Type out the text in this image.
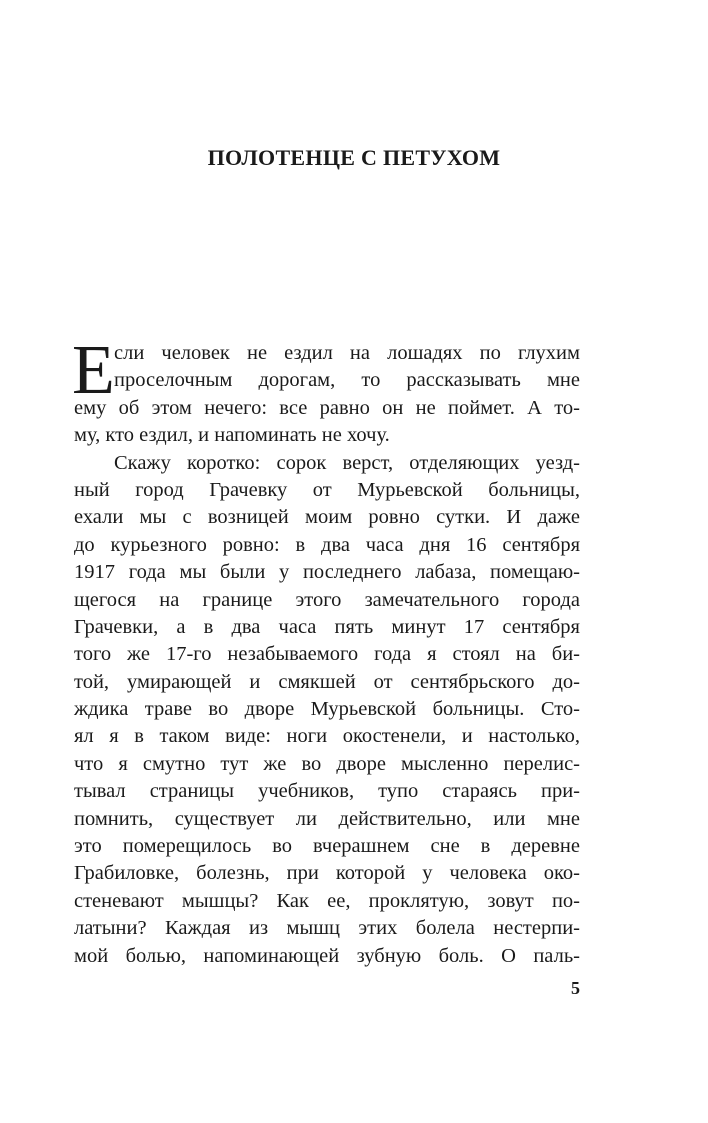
ПОЛОТЕНЦЕ С ПЕТУХОМ
Е сли человек не ездил на лошадях по глухим
проселочным дорогам, то рассказывать мне
ему об этом нечего: все равно он не поймет. А то-
му, кто ездил, и напоминать не хочу.
Скажу коротко: сорок верст, отделяющих уезд-
ный город Грачевку от Мурьевской больницы,
ехали мы с возницей моим ровно сутки. И даже
до курьезного ровно: в два часа дня 16 сентября
1917 года мы были у последнего лабаза, помещаю-
щегося на границе этого замечательного города
Грачевки, а в два часа пять минут 17 сентября
того же 17-го незабываемого года я стоял на би-
той, умирающей и смякшей от сентябрьского до-
ждика траве во дворе Мурьевской больницы. Сто-
ял я в таком виде: ноги окостенели, и настолько,
что я смутно тут же во дворе мысленно перелис-
тывал страницы учебников, тупо стараясь при-
помнить, существует ли действительно, или мне
это померещилось во вчерашнем сне в деревне
Грабиловке, болезнь, при которой у человека око-
стеневают мышцы? Как ее, проклятую, зовут по-
латыни? Каждая из мышц этих болела нестерпи-
мой болью, напоминающей зубную боль. О паль-
5
